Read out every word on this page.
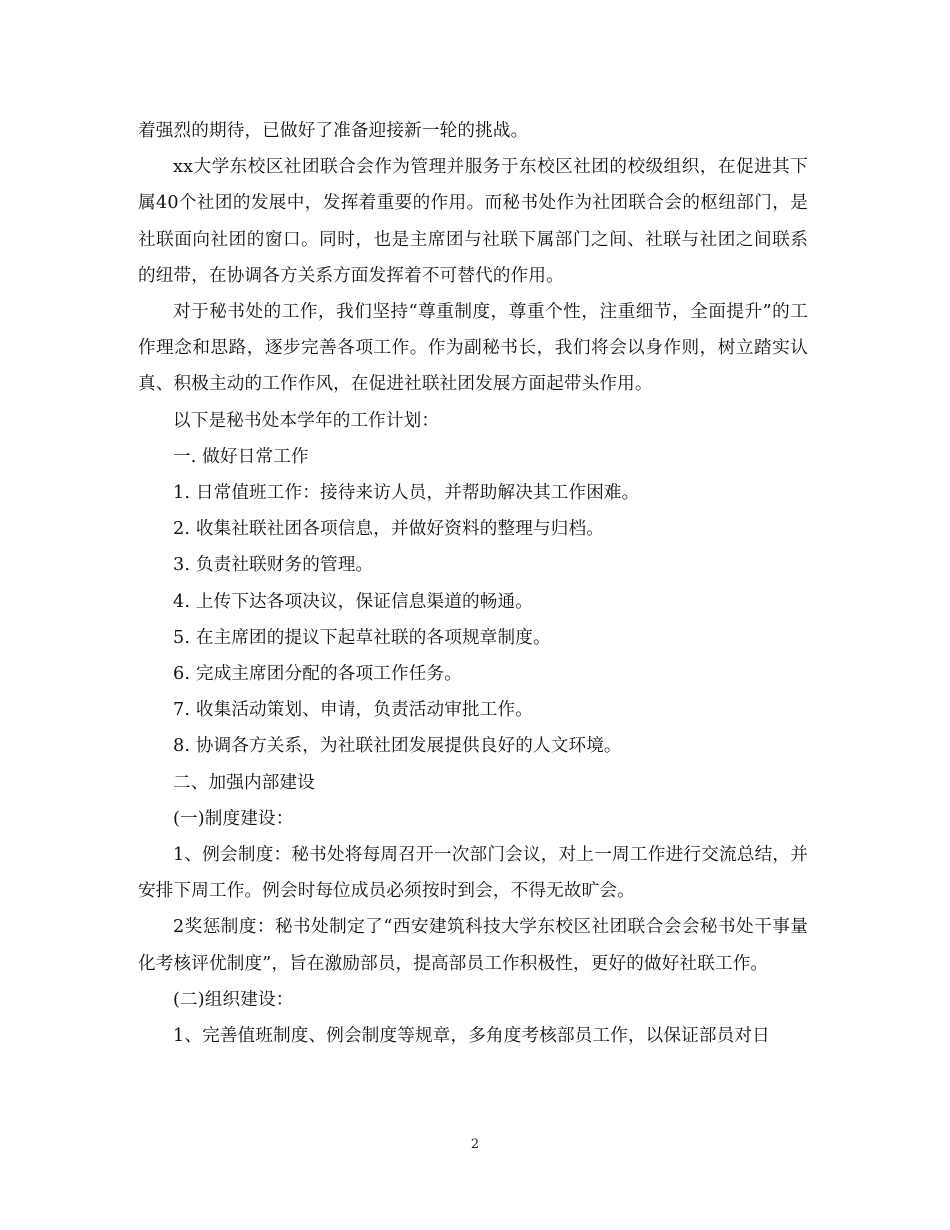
着强烈的期待，已做好了准备迎接新一轮的挑战。

xx大学东校区社团联合会作为管理并服务于东校区社团的校级组织，在促进其下属40个社团的发展中，发挥着重要的作用。而秘书处作为社团联合会的枢纽部门，是社联面向社团的窗口。同时，也是主席团与社联下属部门之间、社联与社团之间联系的纽带，在协调各方关系方面发挥着不可替代的作用。

对于秘书处的工作，我们坚持“尊重制度，尊重个性，注重细节，全面提升”的工作理念和思路，逐步完善各项工作。作为副秘书长，我们将会以身作则，树立踏实认真、积极主动的工作作风，在促进社联社团发展方面起带头作用。

以下是秘书处本学年的工作计划：

一. 做好日常工作

1. 日常值班工作：接待来访人员，并帮助解决其工作困难。

2. 收集社联社团各项信息，并做好资料的整理与归档。

3. 负责社联财务的管理。

4. 上传下达各项决议，保证信息渠道的畅通。

5. 在主席团的提议下起草社联的各项规章制度。

6. 完成主席团分配的各项工作任务。

7. 收集活动策划、申请，负责活动审批工作。

8. 协调各方关系，为社联社团发展提供良好的人文环境。

二、加强内部建设

(一)制度建设：

1、例会制度：秘书处将每周召开一次部门会议，对上一周工作进行交流总结，并安排下周工作。例会时每位成员必须按时到会，不得无故旷会。

2奖惩制度：秘书处制定了“西安建筑科技大学东校区社团联合会会秘书处干事量化考核评优制度”，旨在激励部员，提高部员工作积极性，更好的做好社联工作。

(二)组织建设：

1、完善值班制度、例会制度等规章，多角度考核部员工作，以保证部员对日

2
